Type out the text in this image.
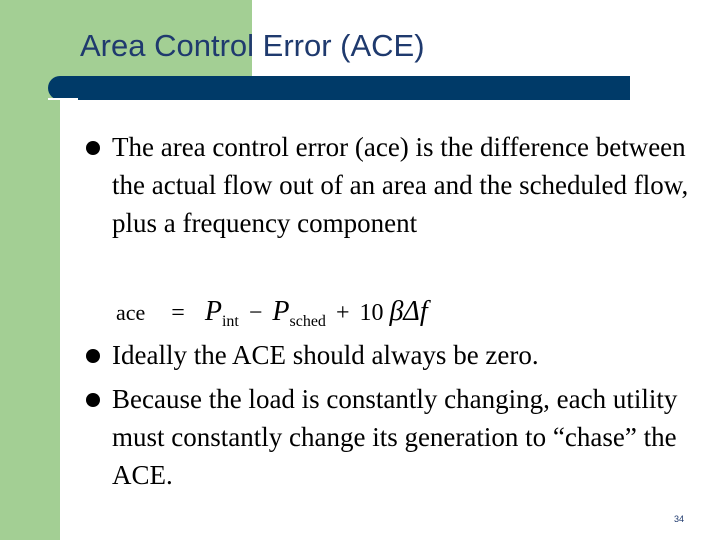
Area Control Error (ACE)
The area control error (ace) is the difference between the actual flow out of an area and the scheduled flow, plus a frequency component
ace = $P_{int} - P_{sched} + 10$ βΔf
Ideally the ACE should always be zero.
Because the load is constantly changing, each utility must constantly change its generation to “chase” the ACE.
34
